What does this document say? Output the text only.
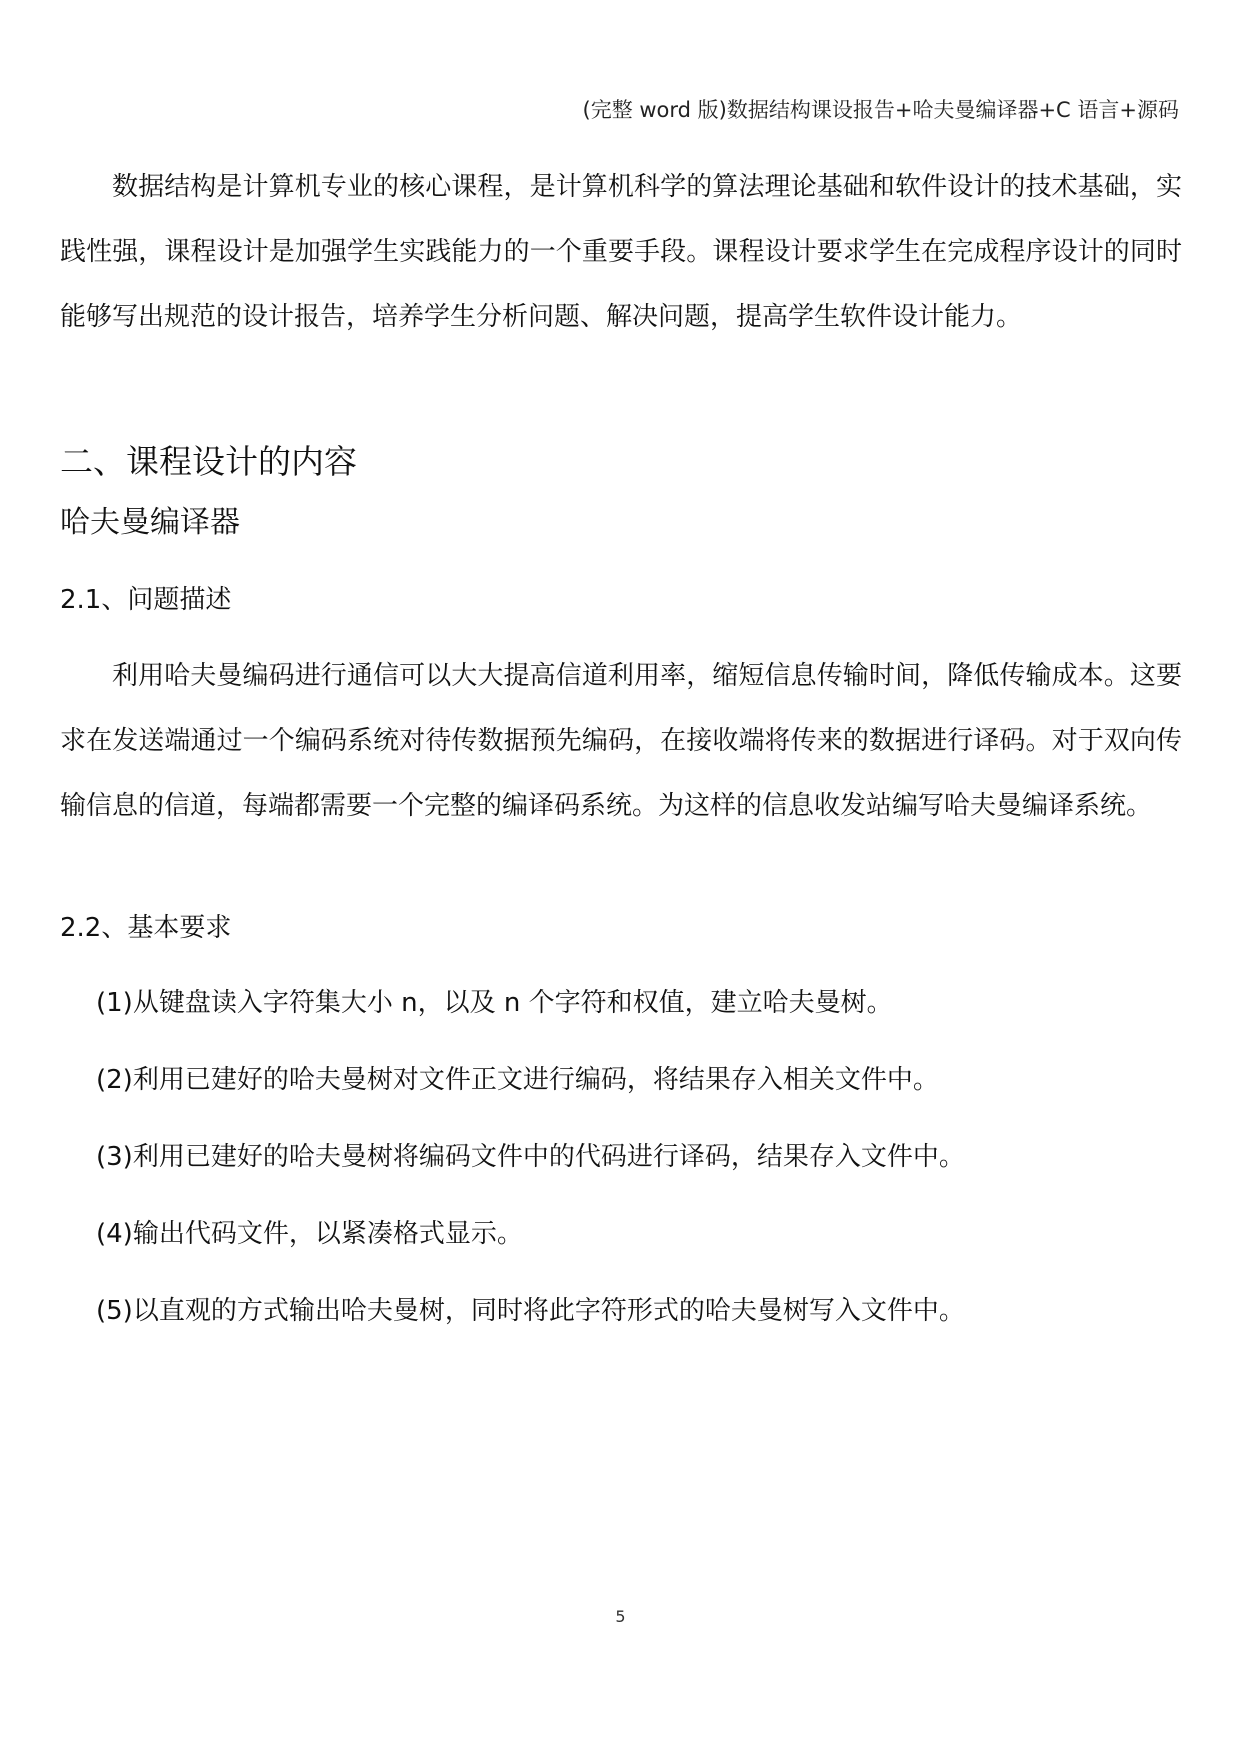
(完整 word 版)数据结构课设报告+哈夫曼编译器+C 语言+源码

数据结构是计算机专业的核心课程，是计算机科学的算法理论基础和软件设计的技术基础，实践性强，课程设计是加强学生实践能力的一个重要手段。课程设计要求学生在完成程序设计的同时能够写出规范的设计报告，培养学生分析问题、解决问题，提高学生软件设计能力。

二、课程设计的内容
哈夫曼编译器
2.1、问题描述

利用哈夫曼编码进行通信可以大大提高信道利用率，缩短信息传输时间，降低传输成本。这要求在发送端通过一个编码系统对待传数据预先编码，在接收端将传来的数据进行译码。对于双向传输信息的信道，每端都需要一个完整的编译码系统。为这样的信息收发站编写哈夫曼编译系统。

2.2、基本要求

(1)从键盘读入字符集大小 n，以及 n 个字符和权值，建立哈夫曼树。

(2)利用已建好的哈夫曼树对文件正文进行编码，将结果存入相关文件中。

(3)利用已建好的哈夫曼树将编码文件中的代码进行译码，结果存入文件中。

(4)输出代码文件，以紧凑格式显示。

(5)以直观的方式输出哈夫曼树，同时将此字符形式的哈夫曼树写入文件中。

5
